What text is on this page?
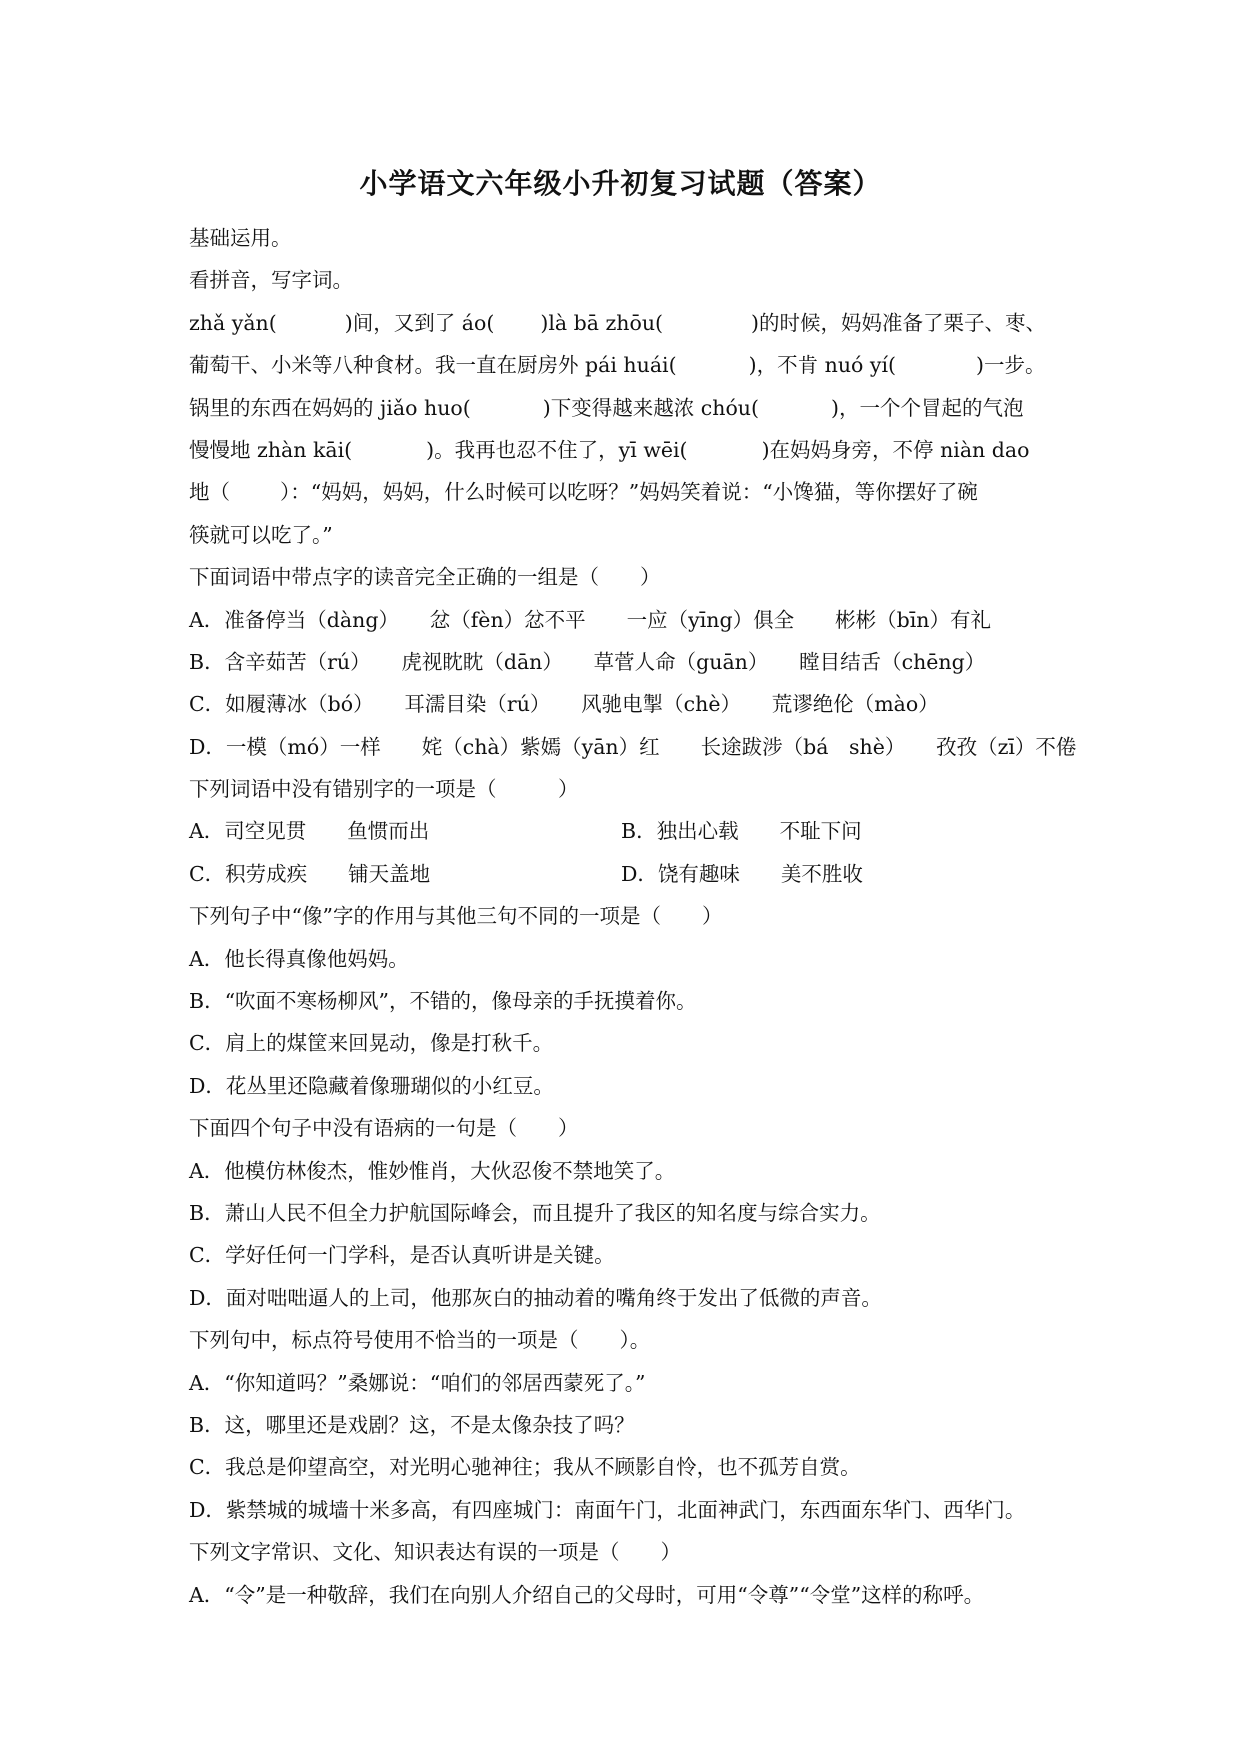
小学语文六年级小升初复习试题（答案）
基础运用。
看拼音，写字词。
zhǎ yǎn(	)间，又到了 áo( )là bā zhōu(	)的时候，妈妈准备了栗子、枣、
葡萄干、小米等八种食材。我一直在厨房外 pái huái(	)，不肯 nuó yí(	)一步。
锅里的东西在妈妈的 jiǎo huo(	)下变得越来越浓 chóu(	)，一个个冒起的气泡
慢慢地 zhàn kāi(	)。我再也忍不住了，yī wēi(	)在妈妈身旁，不停 niàn dao
地（ ）：“妈妈，妈妈，什么时候可以吃呀？”妈妈笑着说：“小馋猫，等你摆好了碗
筷就可以吃了。”
下面词语中带点字的读音完全正确的一组是（　　）
A．准备停当（dàng）　　忿（fèn）忿不平　　一应（yīng）俱全　　彬彬（bīn）有礼
B．含辛茹苦（rú）　　虎视眈眈（dān）　　草菅人命（guān）　　瞠目结舌（chēng）
C．如履薄冰（bó）　　耳濡目染（rú）　　风驰电掣（chè）　　荒谬绝伦（mào）
D．一模（mó）一样　　姹（chà）紫嫣（yān）红　　长途跋涉（bá　shè）　　孜孜（zī）不倦
下列词语中没有错别字的一项是（　　　）
A．司空见贯　　鱼惯而出	B．独出心载　　不耻下问
C．积劳成疾　　铺天盖地	D．饶有趣味　　美不胜收
下列句子中“像”字的作用与其他三句不同的一项是（　　）
A．他长得真像他妈妈。
B．“吹面不寒杨柳风”，不错的，像母亲的手抚摸着你。
C．肩上的煤筐来回晃动，像是打秋千。
D．花丛里还隐藏着像珊瑚似的小红豆。
下面四个句子中没有语病的一句是（　　）
A．他模仿林俊杰，惟妙惟肖，大伙忍俊不禁地笑了。
B．萧山人民不但全力护航国际峰会，而且提升了我区的知名度与综合实力。
C．学好任何一门学科，是否认真听讲是关键。
D．面对咄咄逼人的上司，他那灰白的抽动着的嘴角终于发出了低微的声音。
下列句中，标点符号使用不恰当的一项是（　　）。
A．“你知道吗？”桑娜说：“咱们的邻居西蒙死了。”
B．这，哪里还是戏剧？这，不是太像杂技了吗？
C．我总是仰望高空，对光明心驰神往；我从不顾影自怜，也不孤芳自赏。
D．紫禁城的城墙十米多高，有四座城门：南面午门，北面神武门，东西面东华门、西华门。
下列文字常识、文化、知识表达有误的一项是（　　）
A．“令”是一种敬辞，我们在向别人介绍自己的父母时，可用“令尊”“令堂”这样的称呼。
